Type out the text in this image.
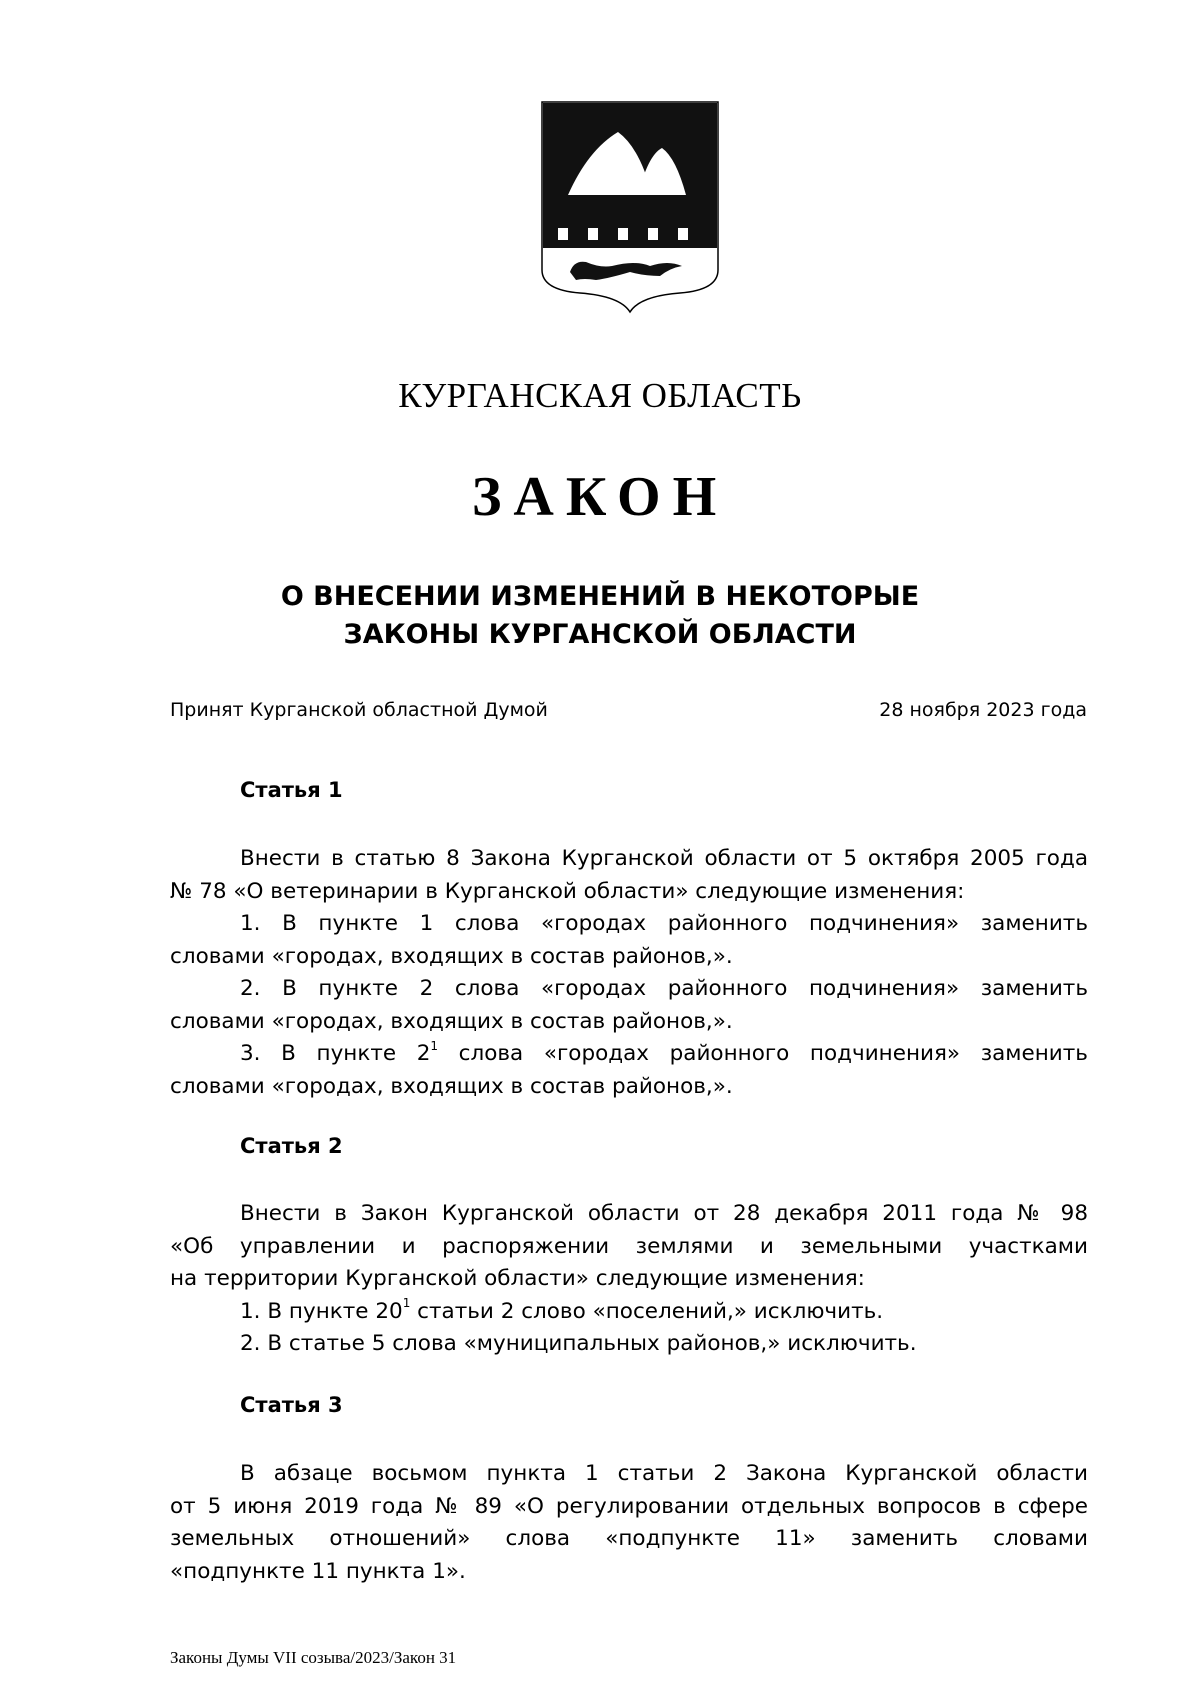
КУРГАНСКАЯ ОБЛАСТЬ
ЗАКОН
О ВНЕСЕНИИ ИЗМЕНЕНИЙ В НЕКОТОРЫЕ
ЗАКОНЫ КУРГАНСКОЙ ОБЛАСТИ
Принят Курганской областной Думой	28 ноября 2023 года
Статья 1
Внести в статью 8 Закона Курганской области от 5 октября 2005 года
№ 78 «О ветеринарии в Курганской области» следующие изменения:
1. В пункте 1 слова «городах районного подчинения» заменить
словами «городах, входящих в состав районов,».
2. В пункте 2 слова «городах районного подчинения» заменить
словами «городах, входящих в состав районов,».
3. В пункте $2^1$ слова «городах районного подчинения» заменить
словами «городах, входящих в состав районов,».
Статья 2
Внести в Закон Курганской области от 28 декабря 2011 года № 98
«Об управлении и распоряжении землями и земельными участками
на территории Курганской области» следующие изменения:
1. В пункте $20^1$ статьи 2 слово «поселений,» исключить.
2. В статье 5 слова «муниципальных районов,» исключить.
Статья 3
В абзаце восьмом пункта 1 статьи 2 Закона Курганской области
от 5 июня 2019 года № 89 «О регулировании отдельных вопросов в сфере
земельных отношений» слова «подпункте 11» заменить словами
«подпункте 11 пункта 1».
Законы Думы VII созыва/2023/Закон 31
